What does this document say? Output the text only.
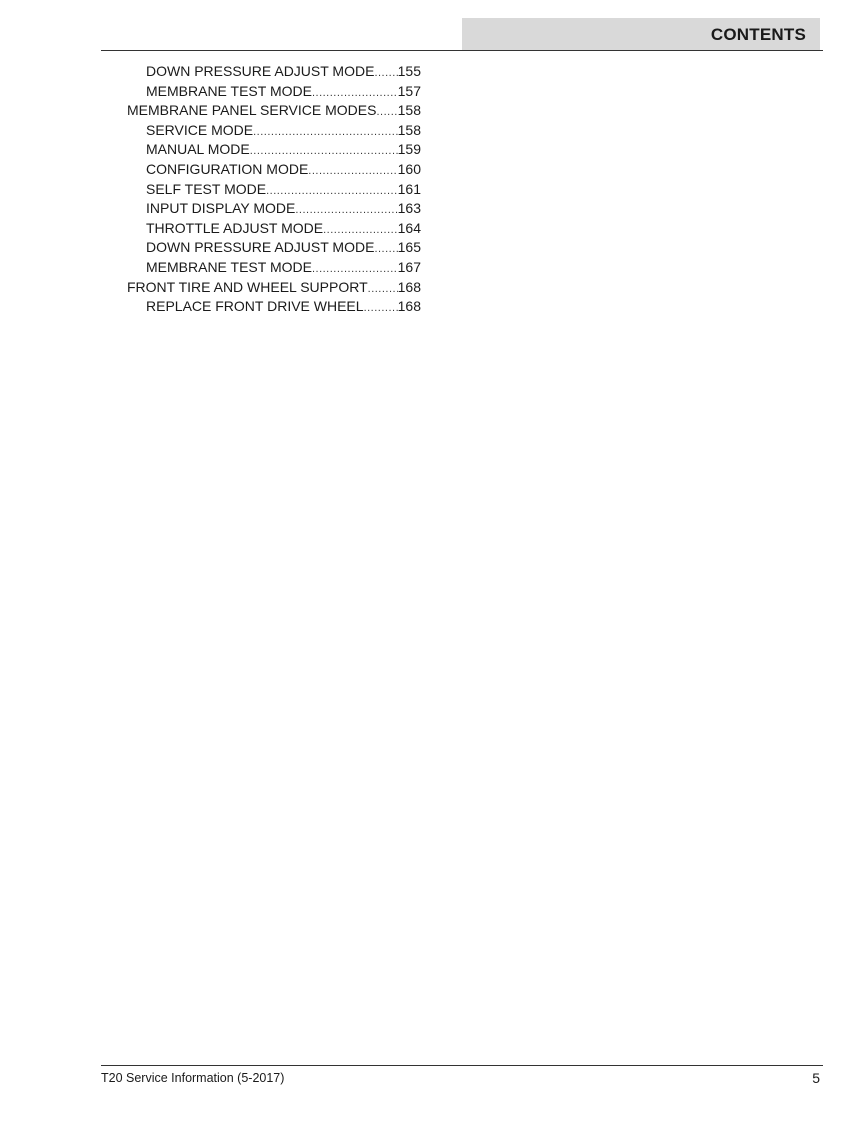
CONTENTS
DOWN PRESSURE ADJUST MODE ..... 155
MEMBRANE TEST MODE .....	157
MEMBRANE PANEL SERVICE MODES ..... 158
SERVICE MODE .....	158
MANUAL MODE .....	159
CONFIGURATION MODE .....	160
SELF TEST MODE .....	161
INPUT DISPLAY MODE .....	163
THROTTLE ADJUST MODE .....	164
DOWN PRESSURE ADJUST MODE ..... 165
MEMBRANE TEST MODE .....	167
FRONT TIRE AND WHEEL SUPPORT ..... 168
REPLACE FRONT DRIVE WHEEL ..... 168
T20 Service Information (5-2017)	5
